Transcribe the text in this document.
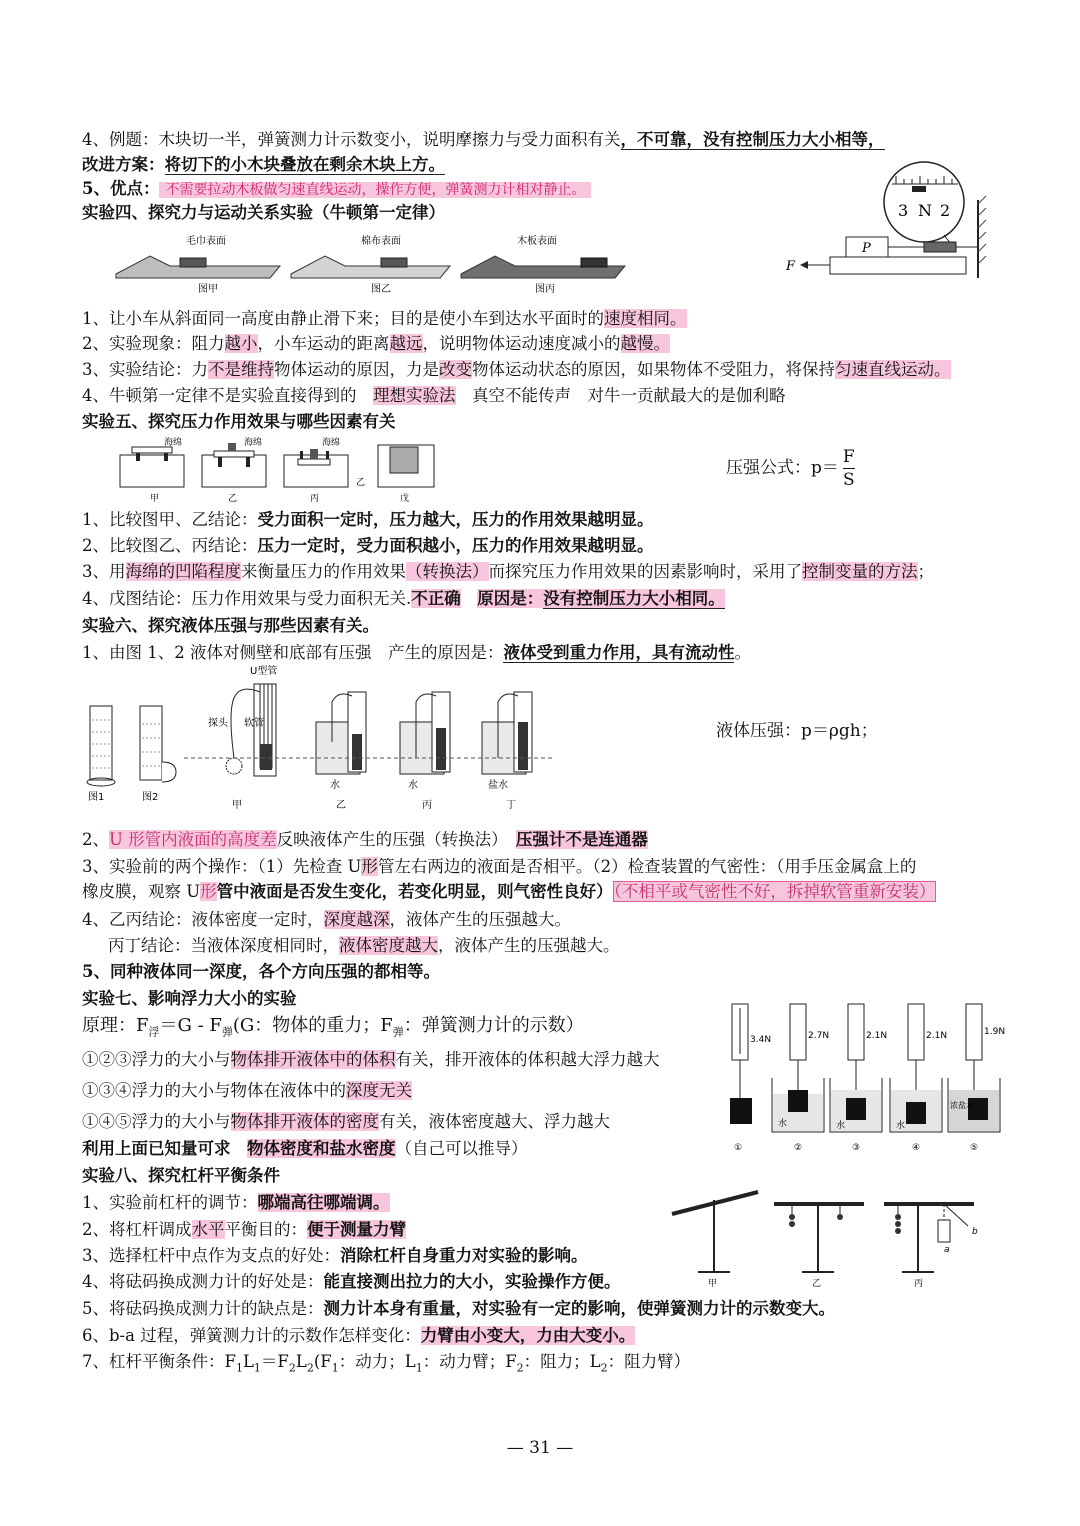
4、例题：木块切一半，弹簧测力计示数变小，说明摩擦力与受力面积有关，不可靠，没有控制压力大小相等，
改进方案：将切下的小木块叠放在剩余木块上方。
5、优点： 不需要拉动木板做匀速直线运动，操作方便，弹簧测力计相对静止。
实验四、探究力与运动关系实验（牛顿第一定律）
1、让小车从斜面同一高度由静止滑下来；目的是使小车到达水平面时的速度相同。
2、实验现象：阻力越小，小车运动的距离越远，说明物体运动速度减小的越慢。
3、实验结论：力不是维持物体运动的原因，力是改变物体运动状态的原因，如果物体不受阻力，将保持匀速直线运动。
4、牛顿第一定律不是实验直接得到的　 理想实验法　 真空不能传声　 对牛一贡献最大的是伽利略
实验五、探究压力作用效果与哪些因素有关
1、比较图甲、乙结论：受力面积一定时，压力越大，压力的作用效果越明显。
2、比较图乙、丙结论：压力一定时，受力面积越小，压力的作用效果越明显。
3、用海绵的凹陷程度来衡量压力的作用效果（转换法）而探究压力作用效果的因素影响时，采用了控制变量的方法；
4、戊图结论：压力作用效果与受力面积无关.不正确　 原因是：没有控制压力大小相同。
实验六、探究液体压强与那些因素有关。
1、由图 1、2 液体对侧壁和底部有压强　产生的原因是：液体受到重力作用，具有流动性。
2、U 形管内液面的高度差反映液体产生的压强（转换法）　 压强计不是连通器
3、实验前的两个操作：（1）先检查 U形管左右两边的液面是否相平。（2）检查装置的气密性：（用手压金属盒上的
橡皮膜，观察 U形管中液面是否发生变化，若变化明显，则气密性良好）（不相平或气密性不好，拆掉软管重新安装）
4、乙丙结论：液体密度一定时，深度越深，液体产生的压强越大。
丙丁结论：当液体深度相同时，液体密度越大，液体产生的压强越大。
5、同种液体同一深度，各个方向压强的都相等。
实验七、影响浮力大小的实验
原理：$F_浮=G - F_弹(G$：物体的重力；$F_弹$：弹簧测力计的示数）
①②③浮力的大小与物体排开液体中的体积有关，排开液体的体积越大浮力越大
①③④浮力的大小与物体在液体中的深度无关
①④⑤浮力的大小与物体排开液体的密度有关，液体密度越大、浮力越大
利用上面已知量可求　 物体密度和盐水密度（自己可以推导）
实验八、探究杠杆平衡条件
1、实验前杠杆的调节：哪端高往哪端调。
2、将杠杆调成水平平衡目的：便于测量力臂
3、选择杠杆中点作为支点的好处：消除杠杆自身重力对实验的影响。
4、将砝码换成测力计的好处是：能直接测出拉力的大小，实验操作方便。
5、将砝码换成测力计的缺点是：测力计本身有重量，对实验有一定的影响，使弹簧测力计的示数变大。
6、b-a 过程，弹簧测力计的示数作怎样变化：力臂由小变大，力由大变小。
7、杠杆平衡条件：$F_1L_1=F_2L_2(F_1$：动力；$L_1$：动力臂；$F_2$：阻力；$L_2$：阻力臂）
压强公式：$p= \frac{F}{S}$
液体压强：p＝ρgh；
毛巾表面
图甲
棉布表面
图乙
木板表面
图丙
3 N 2
P
F
海绵
甲
海绵
乙
海绵
丙
乙
戊
图1	图2
U型管
探头 软管
甲
水
乙
水
丙
盐水
丁
3.4N
①
2.7N
水
②
2.1N
水
③
2.1N
水
④
1.9N
浓盐水
⑤
甲	乙
b
a
丙
— 31 —
